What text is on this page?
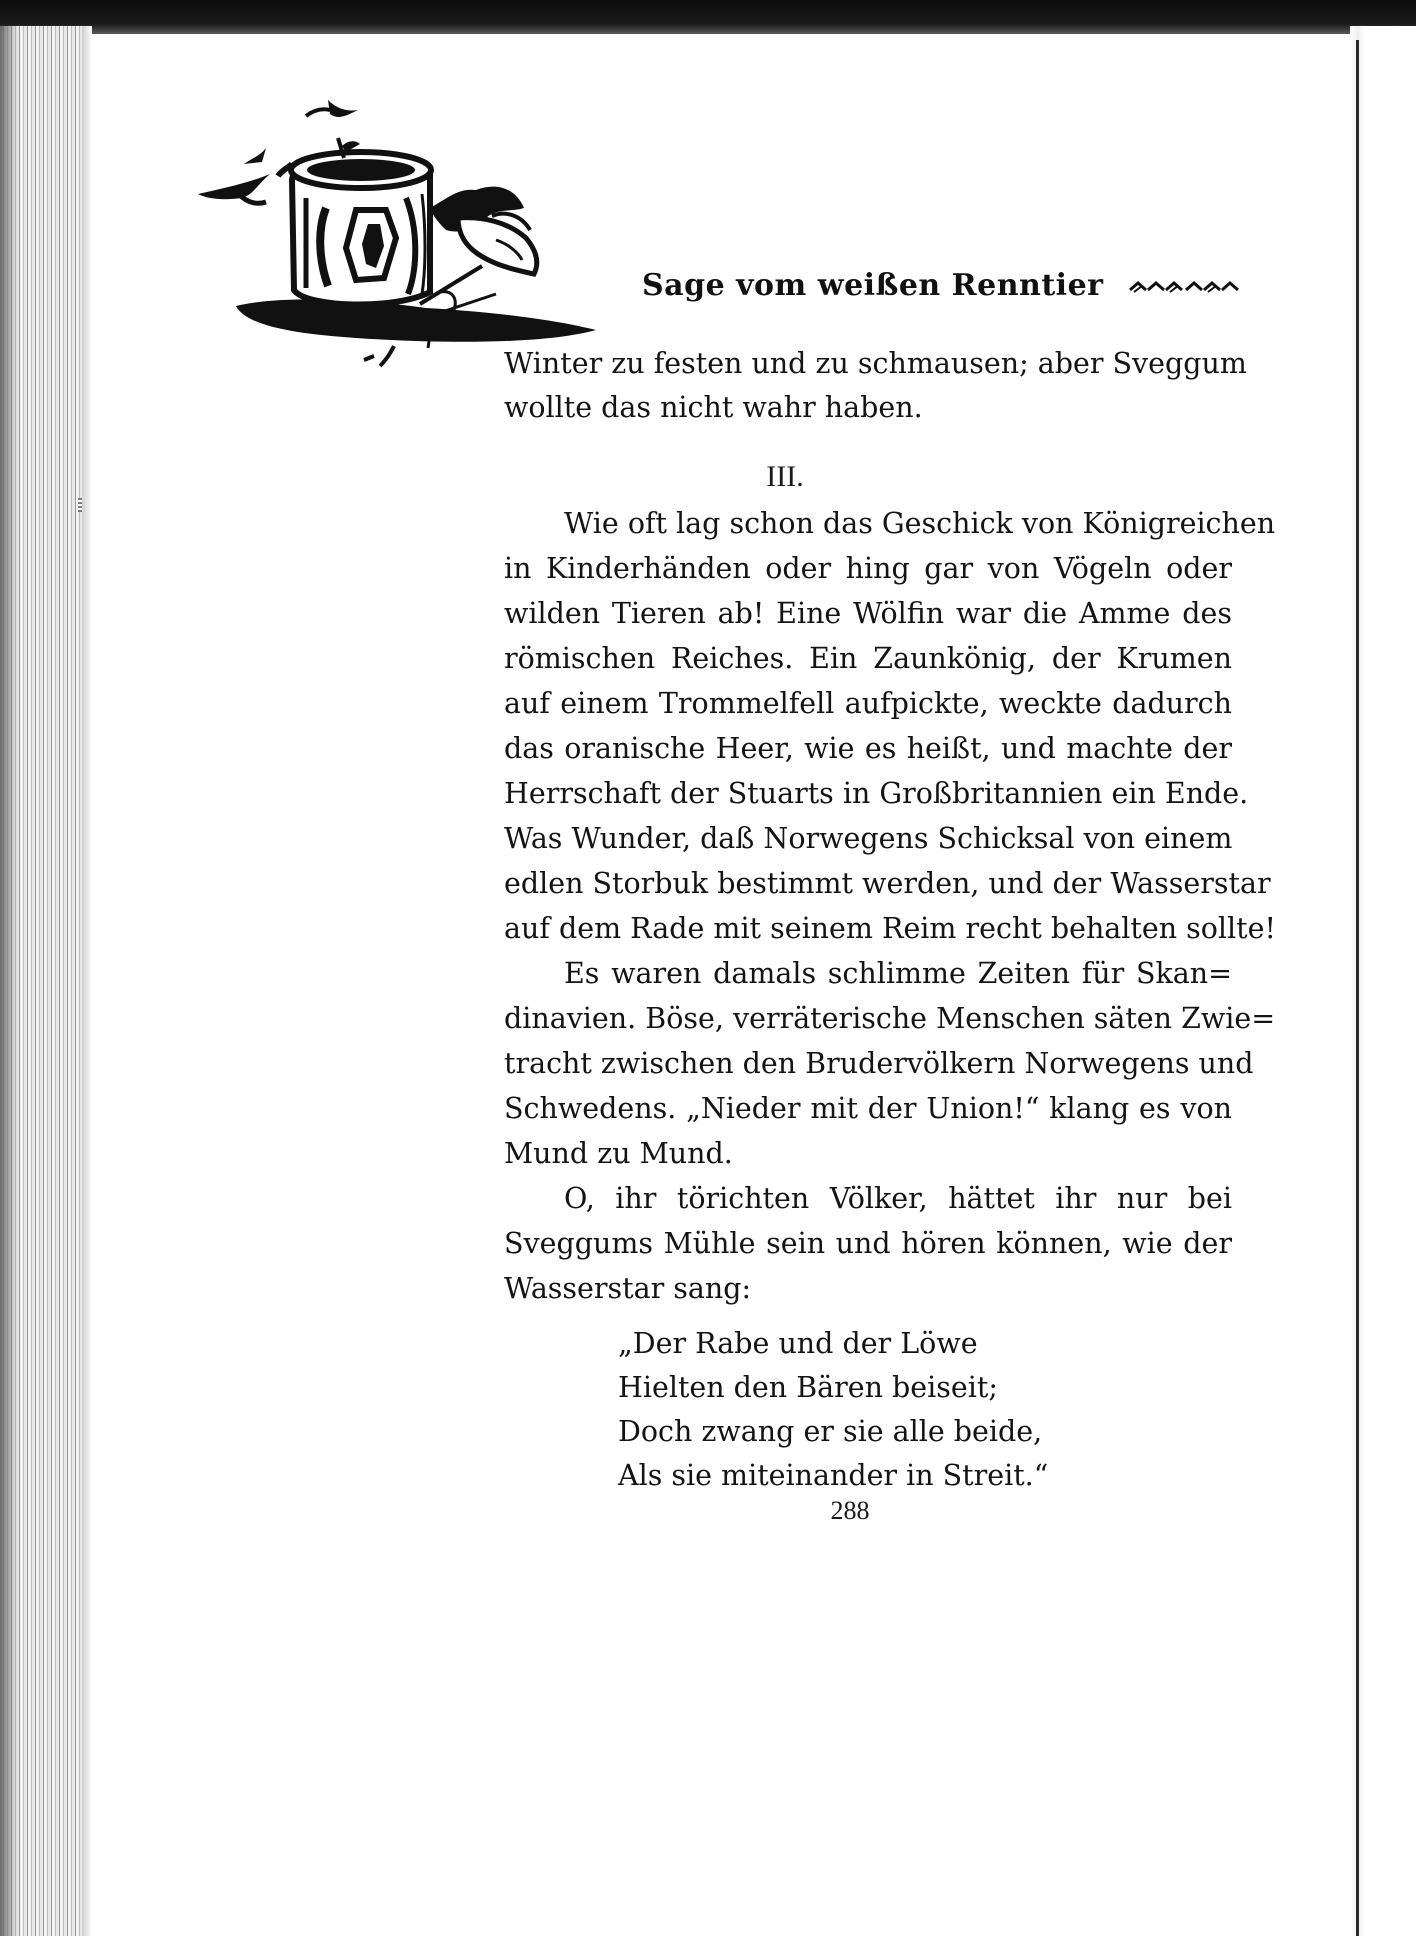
Sage vom weißen Renntier
Winter zu festen und zu schmausen; aber Sveggum
wollte das nicht wahr haben.
III.
Wie oft lag schon das Geschick von Königreichen
in Kinderhänden oder hing gar von Vögeln oder
wilden Tieren ab! Eine Wölfin war die Amme des
römischen Reiches. Ein Zaunkönig, der Krumen
auf einem Trommelfell aufpickte, weckte dadurch
das oranische Heer, wie es heißt, und machte der
Herrschaft der Stuarts in Großbritannien ein Ende.
Was Wunder, daß Norwegens Schicksal von einem
edlen Storbuk bestimmt werden, und der Wasserstar
auf dem Rade mit seinem Reim recht behalten sollte!
Es waren damals schlimme Zeiten für Skan=
dinavien. Böse, verräterische Menschen säten Zwie=
tracht zwischen den Brudervölkern Norwegens und
Schwedens. „Nieder mit der Union!“ klang es von
Mund zu Mund.
O, ihr törichten Völker, hättet ihr nur bei
Sveggums Mühle sein und hören können, wie der
Wasserstar sang:
„Der Rabe und der Löwe
Hielten den Bären beiseit;
Doch zwang er sie alle beide,
Als sie miteinander in Streit.“
288
